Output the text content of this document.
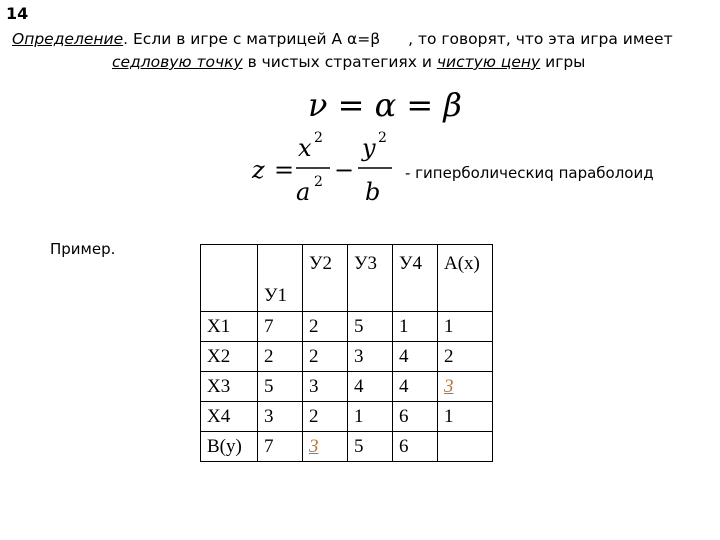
14
Определение. Если в игре с матрицей А α=β , то говорят, что эта игра имеет
седловую точку в чистых стратегиях и чистую цену игры
ν = α = β
z =
x 2
a 2 −
y 2
b
- гиперболическиq параболоид
Пример.
	У1	У2	У3	У4	А(х)
Х1	7	2	5	1	1
Х2	2	2	3	4	2
Х3	5	3	4	4	3
Х4	3	2	1	6	1
В(у)	7	3	5	6	
